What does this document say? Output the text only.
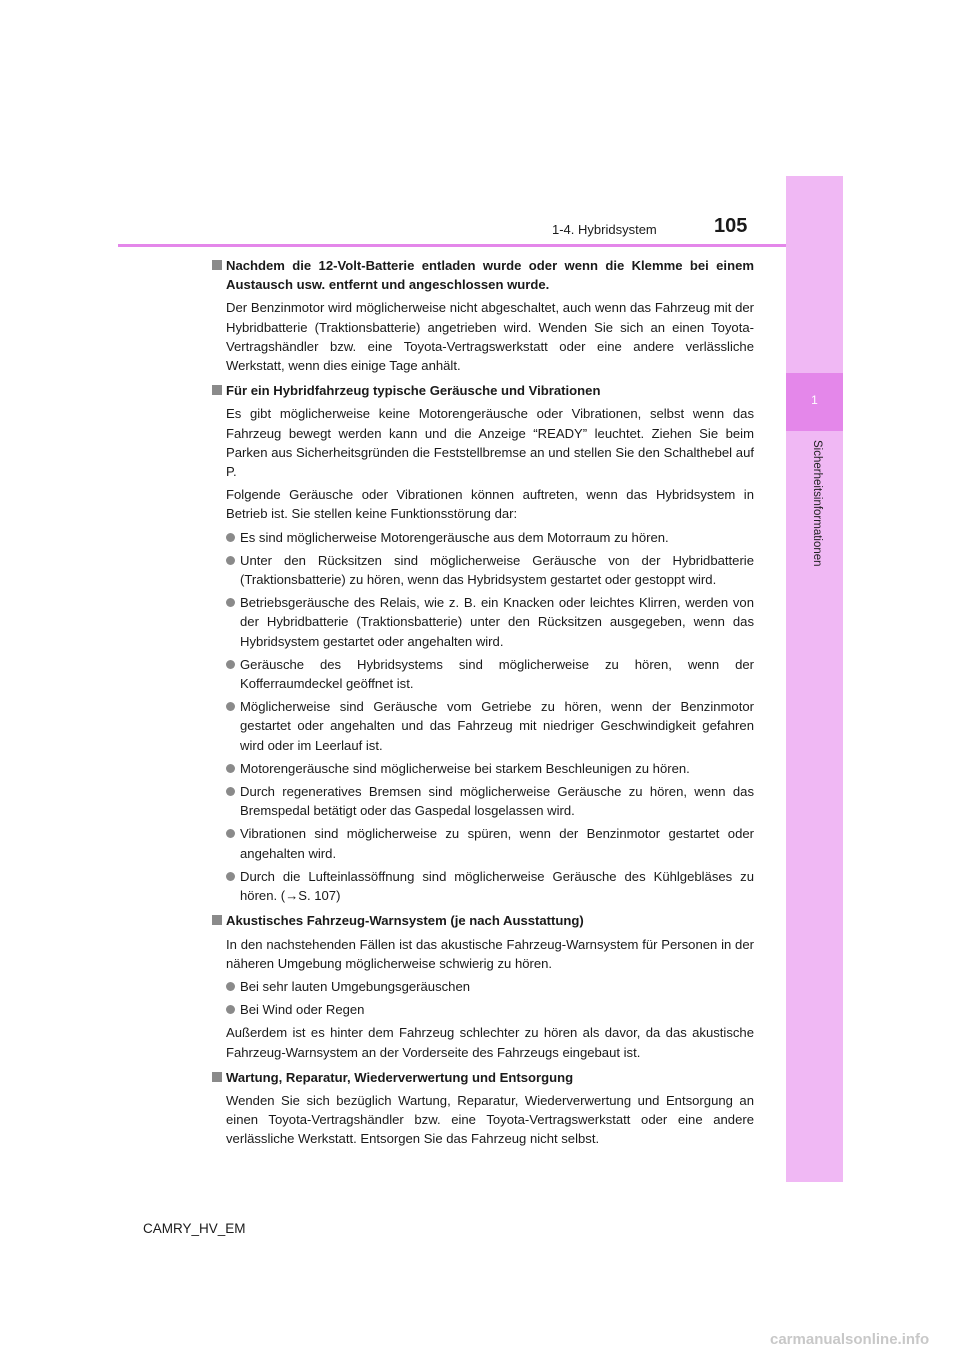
1
Sicherheitsinformationen
1-4. Hybridsystem	105
Nachdem die 12-Volt-Batterie entladen wurde oder wenn die Klemme bei einem Austausch usw. entfernt und angeschlossen wurde.

Der Benzinmotor wird möglicherweise nicht abgeschaltet, auch wenn das Fahrzeug mit der Hybridbatterie (Traktionsbatterie) angetrieben wird. Wenden Sie sich an einen Toyota-Vertragshändler bzw. eine Toyota-Vertragswerkstatt oder eine andere verlässliche Werkstatt, wenn dies einige Tage anhält.

Für ein Hybridfahrzeug typische Geräusche und Vibrationen

Es gibt möglicherweise keine Motorengeräusche oder Vibrationen, selbst wenn das Fahrzeug bewegt werden kann und die Anzeige “READY” leuchtet. Ziehen Sie beim Parken aus Sicherheitsgründen die Feststellbremse an und stellen Sie den Schalthebel auf P.

Folgende Geräusche oder Vibrationen können auftreten, wenn das Hybridsystem in Betrieb ist. Sie stellen keine Funktionsstörung dar:

Es sind möglicherweise Motorengeräusche aus dem Motorraum zu hören.
Unter den Rücksitzen sind möglicherweise Geräusche von der Hybridbatterie (Traktionsbatterie) zu hören, wenn das Hybridsystem gestartet oder gestoppt wird.
Betriebsgeräusche des Relais, wie z. B. ein Knacken oder leichtes Klirren, werden von der Hybridbatterie (Traktionsbatterie) unter den Rücksitzen ausgegeben, wenn das Hybridsystem gestartet oder angehalten wird.
Geräusche des Hybridsystems sind möglicherweise zu hören, wenn der Kofferraumdeckel geöffnet ist.
Möglicherweise sind Geräusche vom Getriebe zu hören, wenn der Benzinmotor gestartet oder angehalten und das Fahrzeug mit niedriger Geschwindigkeit gefahren wird oder im Leerlauf ist.
Motorengeräusche sind möglicherweise bei starkem Beschleunigen zu hören.
Durch regeneratives Bremsen sind möglicherweise Geräusche zu hören, wenn das Bremspedal betätigt oder das Gaspedal losgelassen wird.
Vibrationen sind möglicherweise zu spüren, wenn der Benzinmotor gestartet oder angehalten wird.
Durch die Lufteinlassöffnung sind möglicherweise Geräusche des Kühlgebläses zu hören. (→S. 107)
Akustisches Fahrzeug-Warnsystem (je nach Ausstattung)

In den nachstehenden Fällen ist das akustische Fahrzeug-Warnsystem für Personen in der näheren Umgebung möglicherweise schwierig zu hören.

Bei sehr lauten Umgebungsgeräuschen
Bei Wind oder Regen

Außerdem ist es hinter dem Fahrzeug schlechter zu hören als davor, da das akustische Fahrzeug-Warnsystem an der Vorderseite des Fahrzeugs eingebaut ist.

Wartung, Reparatur, Wiederverwertung und Entsorgung

Wenden Sie sich bezüglich Wartung, Reparatur, Wiederverwertung und Entsorgung an einen Toyota-Vertragshändler bzw. eine Toyota-Vertragswerkstatt oder eine andere verlässliche Werkstatt. Entsorgen Sie das Fahrzeug nicht selbst.

CAMRY_HV_EM
carmanualsonline.info
